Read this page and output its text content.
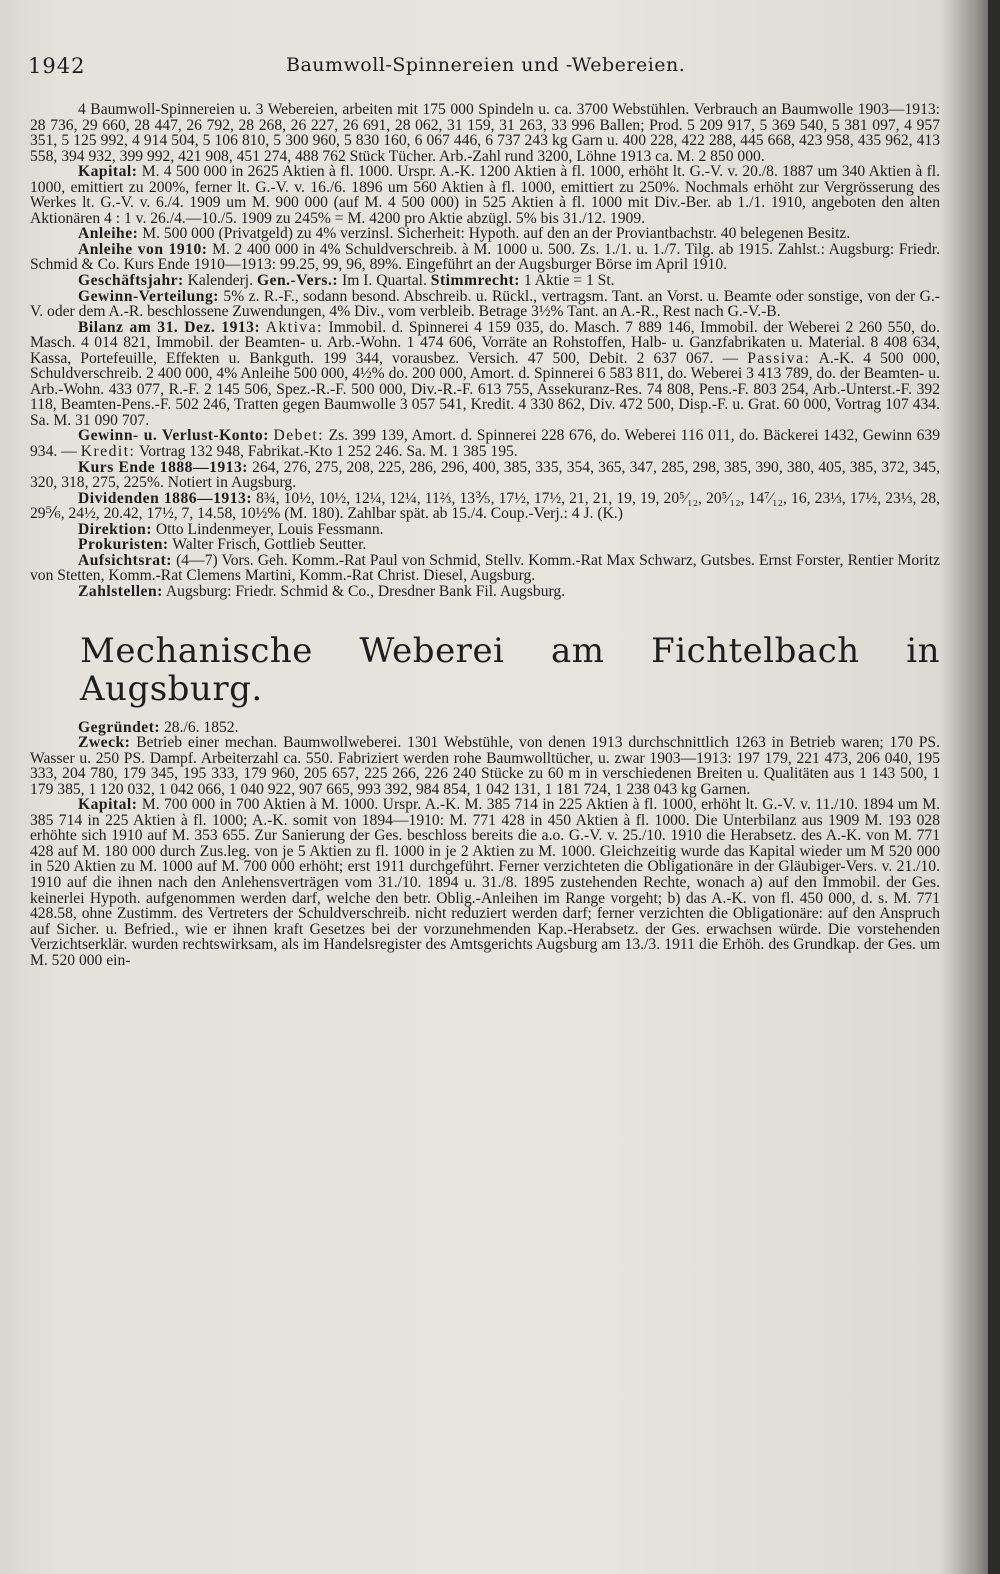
1942	Baumwoll-Spinnereien und -Webereien.

4 Baumwoll-Spinnereien u. 3 Webereien, arbeiten mit 175 000 Spindeln u. ca. 3700 Webstühlen. Verbrauch an Baumwolle 1903—1913: 28 736, 29 660, 28 447, 26 792, 28 268, 26 227, 26 691, 28 062, 31 159, 31 263, 33 996 Ballen; Prod. 5 209 917, 5 369 540, 5 381 097, 4 957 351, 5 125 992, 4 914 504, 5 106 810, 5 300 960, 5 830 160, 6 067 446, 6 737 243 kg Garn u. 400 228, 422 288, 445 668, 423 958, 435 962, 413 558, 394 932, 399 992, 421 908, 451 274, 488 762 Stück Tücher. Arb.-Zahl rund 3200, Löhne 1913 ca. M. 2 850 000.

Kapital: M. 4 500 000 in 2625 Aktien à fl. 1000. Urspr. A.-K. 1200 Aktien à fl. 1000, erhöht lt. G.-V. v. 20./8. 1887 um 340 Aktien à fl. 1000, emittiert zu 200%, ferner lt. G.-V. v. 16./6. 1896 um 560 Aktien à fl. 1000, emittiert zu 250%. Nochmals erhöht zur Vergrösserung des Werkes lt. G.-V. v. 6./4. 1909 um M. 900 000 (auf M. 4 500 000) in 525 Aktien à fl. 1000 mit Div.-Ber. ab 1./1. 1910, angeboten den alten Aktionären 4 : 1 v. 26./4.—10./5. 1909 zu 245% = M. 4200 pro Aktie abzügl. 5% bis 31./12. 1909.

Anleihe: M. 500 000 (Privatgeld) zu 4% verzinsl. Sicherheit: Hypoth. auf den an der Proviantbachstr. 40 belegenen Besitz.

Anleihe von 1910: M. 2 400 000 in 4% Schuldverschreib. à M. 1000 u. 500. Zs. 1./1. u. 1./7. Tilg. ab 1915. Zahlst.: Augsburg: Friedr. Schmid & Co. Kurs Ende 1910—1913: 99.25, 99, 96, 89%. Eingeführt an der Augsburger Börse im April 1910.

Geschäftsjahr: Kalenderj. Gen.-Vers.: Im I. Quartal. Stimmrecht: 1 Aktie = 1 St.

Gewinn-Verteilung: 5% z. R.-F., sodann besond. Abschreib. u. Rückl., vertragsm. Tant. an Vorst. u. Beamte oder sonstige, von der G.-V. oder dem A.-R. beschlossene Zuwendungen, 4% Div., vom verbleib. Betrage 3½% Tant. an A.-R., Rest nach G.-V.-B.

Bilanz am 31. Dez. 1913: Aktiva: Immobil. d. Spinnerei 4 159 035, do. Masch. 7 889 146, Immobil. der Weberei 2 260 550, do. Masch. 4 014 821, Immobil. der Beamten- u. Arb.-Wohn. 1 474 606, Vorräte an Rohstoffen, Halb- u. Ganzfabrikaten u. Material. 8 408 634, Kassa, Portefeuille, Effekten u. Bankguth. 199 344, vorausbez. Versich. 47 500, Debit. 2 637 067. — Passiva: A.-K. 4 500 000, Schuldverschreib. 2 400 000, 4% Anleihe 500 000, 4½% do. 200 000, Amort. d. Spinnerei 6 583 811, do. Weberei 3 413 789, do. der Beamten- u. Arb.-Wohn. 433 077, R.-F. 2 145 506, Spez.-R.-F. 500 000, Div.-R.-F. 613 755, Assekuranz-Res. 74 808, Pens.-F. 803 254, Arb.-Unterst.-F. 392 118, Beamten-Pens.-F. 502 246, Tratten gegen Baumwolle 3 057 541, Kredit. 4 330 862, Div. 472 500, Disp.-F. u. Grat. 60 000, Vortrag 107 434. Sa. M. 31 090 707.

Gewinn- u. Verlust-Konto: Debet: Zs. 399 139, Amort. d. Spinnerei 228 676, do. Weberei 116 011, do. Bäckerei 1432, Gewinn 639 934. — Kredit: Vortrag 132 948, Fabrikat.-Kto 1 252 246. Sa. M. 1 385 195.

Kurs Ende 1888—1913: 264, 276, 275, 208, 225, 286, 296, 400, 385, 335, 354, 365, 347, 285, 298, 385, 390, 380, 405, 385, 372, 345, 320, 318, 275, 225%. Notiert in Augsburg.

Dividenden 1886—1913: 8¾, 10½, 10½, 12¼, 12¼, 11⅔, 13⅗, 17½, 17½, 21, 21, 19, 19, 20⁵⁄₁₂, 20⁵⁄₁₂, 14⁷⁄₁₂, 16, 23⅓, 17½, 23⅓, 28, 29⅚, 24½, 20.42, 17½, 7, 14.58, 10½% (M. 180). Zahlbar spät. ab 15./4. Coup.-Verj.: 4 J. (K.)

Direktion: Otto Lindenmeyer, Louis Fessmann.

Prokuristen: Walter Frisch, Gottlieb Seutter.

Aufsichtsrat: (4—7) Vors. Geh. Komm.-Rat Paul von Schmid, Stellv. Komm.-Rat Max Schwarz, Gutsbes. Ernst Forster, Rentier Moritz von Stetten, Komm.-Rat Clemens Martini, Komm.-Rat Christ. Diesel, Augsburg.

Zahlstellen: Augsburg: Friedr. Schmid & Co., Dresdner Bank Fil. Augsburg.

Mechanische Weberei am Fichtelbach in Augsburg.

Gegründet: 28./6. 1852.

Zweck: Betrieb einer mechan. Baumwollweberei. 1301 Webstühle, von denen 1913 durchschnittlich 1263 in Betrieb waren; 170 PS. Wasser u. 250 PS. Dampf. Arbeiterzahl ca. 550. Fabriziert werden rohe Baumwolltücher, u. zwar 1903—1913: 197 179, 221 473, 206 040, 195 333, 204 780, 179 345, 195 333, 179 960, 205 657, 225 266, 226 240 Stücke zu 60 m in verschiedenen Breiten u. Qualitäten aus 1 143 500, 1 179 385, 1 120 032, 1 042 066, 1 040 922, 907 665, 993 392, 984 854, 1 042 131, 1 181 724, 1 238 043 kg Garnen.

Kapital: M. 700 000 in 700 Aktien à M. 1000. Urspr. A.-K. M. 385 714 in 225 Aktien à fl. 1000, erhöht lt. G.-V. v. 11./10. 1894 um M. 385 714 in 225 Aktien à fl. 1000; A.-K. somit von 1894—1910: M. 771 428 in 450 Aktien à fl. 1000. Die Unterbilanz aus 1909 M. 193 028 erhöhte sich 1910 auf M. 353 655. Zur Sanierung der Ges. beschloss bereits die a.o. G.-V. v. 25./10. 1910 die Herabsetz. des A.-K. von M. 771 428 auf M. 180 000 durch Zus.leg. von je 5 Aktien zu fl. 1000 in je 2 Aktien zu M. 1000. Gleichzeitig wurde das Kapital wieder um M 520 000 in 520 Aktien zu M. 1000 auf M. 700 000 erhöht; erst 1911 durchgeführt. Ferner verzichteten die Obligationäre in der Gläubiger-Vers. v. 21./10. 1910 auf die ihnen nach den Anlehensverträgen vom 31./10. 1894 u. 31./8. 1895 zustehenden Rechte, wonach a) auf den Immobil. der Ges. keinerlei Hypoth. aufgenommen werden darf, welche den betr. Oblig.-Anleihen im Range vorgeht; b) das A.-K. von fl. 450 000, d. s. M. 771 428.58, ohne Zustimm. des Vertreters der Schuldverschreib. nicht reduziert werden darf; ferner verzichten die Obligationäre: auf den Anspruch auf Sicher. u. Befried., wie er ihnen kraft Gesetzes bei der vorzunehmenden Kap.-Herabsetz. der Ges. erwachsen würde. Die vorstehenden Verzichtserklär. wurden rechtswirksam, als im Handelsregister des Amtsgerichts Augsburg am 13./3. 1911 die Erhöh. des Grundkap. der Ges. um M. 520 000 ein-
